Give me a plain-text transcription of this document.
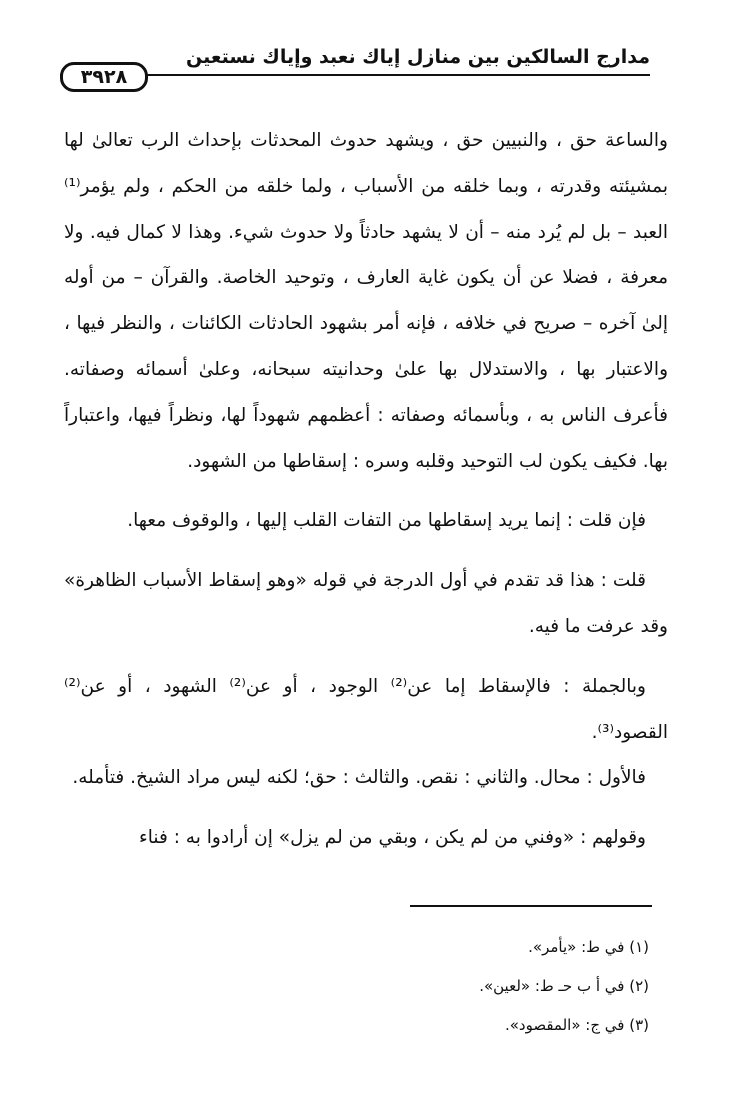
مدارج السالكين بين منازل إياك نعبد وإياك نستعين
٣٩٢٨

والساعة حق ، والنبيين حق ، ويشهد حدوث المحدثات بإحداث الرب تعالىٰ لها بمشيئته وقدرته ، وبما خلقه من الأسباب ، ولما خلقه من الحكم ، ولم يؤمر⁽¹⁾ العبد – بل لم يُرد منه – أن لا يشهد حادثاً ولا حدوث شيء. وهذا لا كمال فيه. ولا معرفة ، فضلا عن أن يكون غاية العارف ، وتوحيد الخاصة. والقرآن – من أوله إلىٰ آخره – صريح في خلافه ، فإنه أمر بشهود الحادثات الكائنات ، والنظر فيها ، والاعتبار بها ، والاستدلال بها علىٰ وحدانيته سبحانه، وعلىٰ أسمائه وصفاته. فأعرف الناس به ، وبأسمائه وصفاته : أعظمهم شهوداً لها، ونظراً فيها، واعتباراً بها. فكيف يكون لب التوحيد وقلبه وسره : إسقاطها من الشهود.

فإن قلت : إنما يريد إسقاطها من التفات القلب إليها ، والوقوف معها.

قلت : هذا قد تقدم في أول الدرجة في قوله «وهو إسقاط الأسباب الظاهرة» وقد عرفت ما فيه.

وبالجملة : فالإسقاط إما عن⁽²⁾ الوجود ، أو عن⁽²⁾ الشهود ، أو عن⁽²⁾ القصود⁽³⁾.

فالأول : محال. والثاني : نقص. والثالث : حق؛ لكنه ليس مراد الشيخ. فتأمله.

وقولهم : «وفني من لم يكن ، وبقي من لم يزل» إن أرادوا به : فناء

(١) في ط: «يأمر».

(٢) في أ ب حـ ط: «لعين».

(٣) في ج: «المقصود».
